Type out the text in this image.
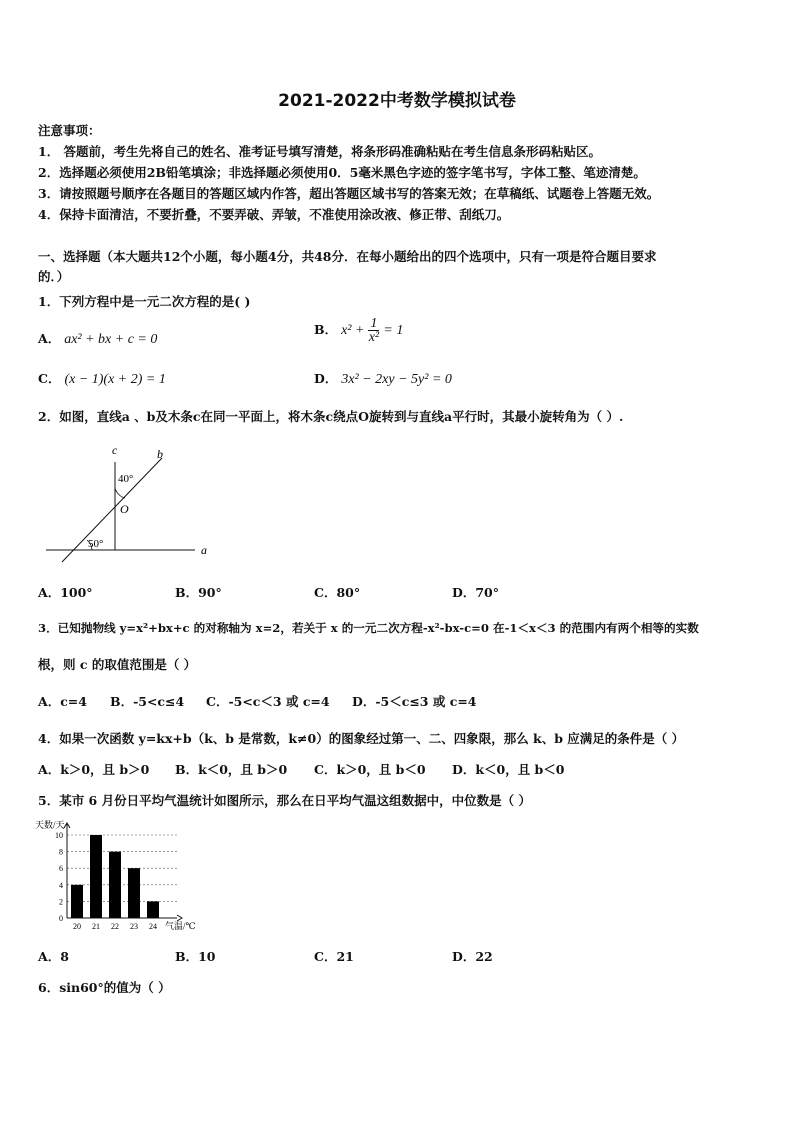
2021-2022中考数学模拟试卷
注意事项：
1． 答题前，考生先将自己的姓名、准考证号填写清楚，将条形码准确粘贴在考生信息条形码粘贴区。
2．选择题必须使用2B铅笔填涂；非选择题必须使用0．5毫米黑色字迹的签字笔书写，字体工整、笔迹清楚。
3．请按照题号顺序在各题目的答题区域内作答，超出答题区域书写的答案无效；在草稿纸、试题卷上答题无效。
4．保持卡面清洁，不要折叠，不要弄破、弄皱，不准使用涂改液、修正带、刮纸刀。
一、选择题（本大题共12个小题，每小题4分，共48分．在每小题给出的四个选项中，只有一项是符合题目要求
的．）
1．下列方程中是一元二次方程的是( )
A． ax² + bx + c = 0
B． $x^2 + \frac{1}{\text{x²}} = 1$
C． (x − 1)(x + 2) = 1	D． 3x² − 2xy − 5y² = 0
2．如图，直线a 、b及木条c在同一平面上，将木条c绕点O旋转到与直线a平行时，其最小旋转角为（ ）.
c	b
a
O
40°
50°
A．100°	B．90°	C．80°	D．70°
3．已知抛物线 y=x²+bx+c 的对称轴为 x=2，若关于 x 的一元二次方程-x²-bx-c=0 在-1＜x＜3 的范围内有两个相等的实数
根，则 c 的取值范围是（ ）
A．c=4 B．-5<c≤4 C．-5<c＜3 或 c=4 D．-5＜c≤3 或 c=4
4．如果一次函数 y=kx+b（k、b 是常数，k≠0）的图象经过第一、二、四象限，那么 k、b 应满足的条件是（ ）
A．k＞0，且 b＞0 B．k＜0，且 b＞0 C．k＞0，且 b＜0 D．k＜0，且 b＜0
5．某市 6 月份日平均气温统计如图所示，那么在日平均气温这组数据中，中位数是（ ）
天数/天
气温/℃
0
2
4
6
8
10
20 21 22 23 24
A．8	B．10	C．21	D．22
6．sin60°的值为（ ）
